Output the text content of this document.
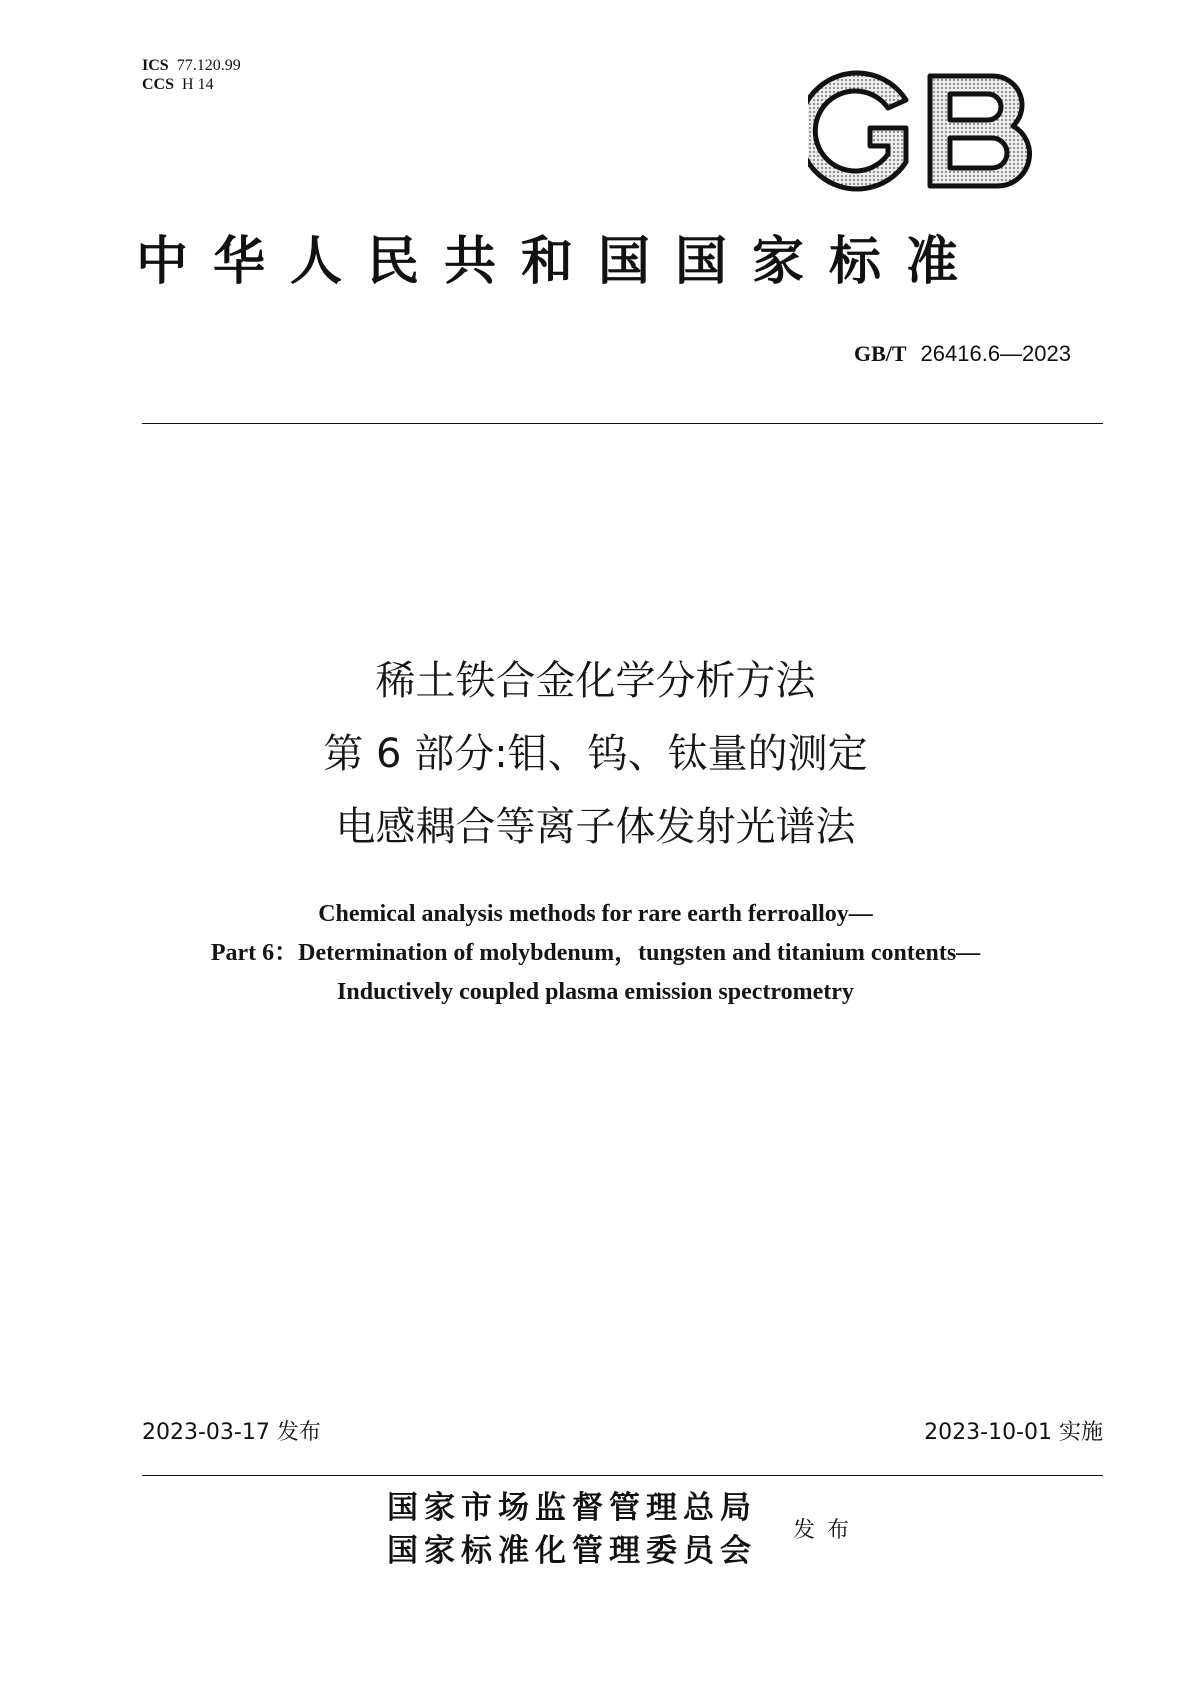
ICS 77.120.99
CCS H 14
中华人民共和国国家标准
GB/T 26416.6—2023
稀土铁合金化学分析方法
第 6 部分:钼、钨、钛量的测定
电感耦合等离子体发射光谱法
Chemical analysis methods for rare earth ferroalloy—
Part 6：Determination of molybdenum，tungsten and titanium contents—
Inductively coupled plasma emission spectrometry
2023-03-17 发布	2023-10-01 实施
国家市场监督管理总局
国家标准化管理委员会
发布
